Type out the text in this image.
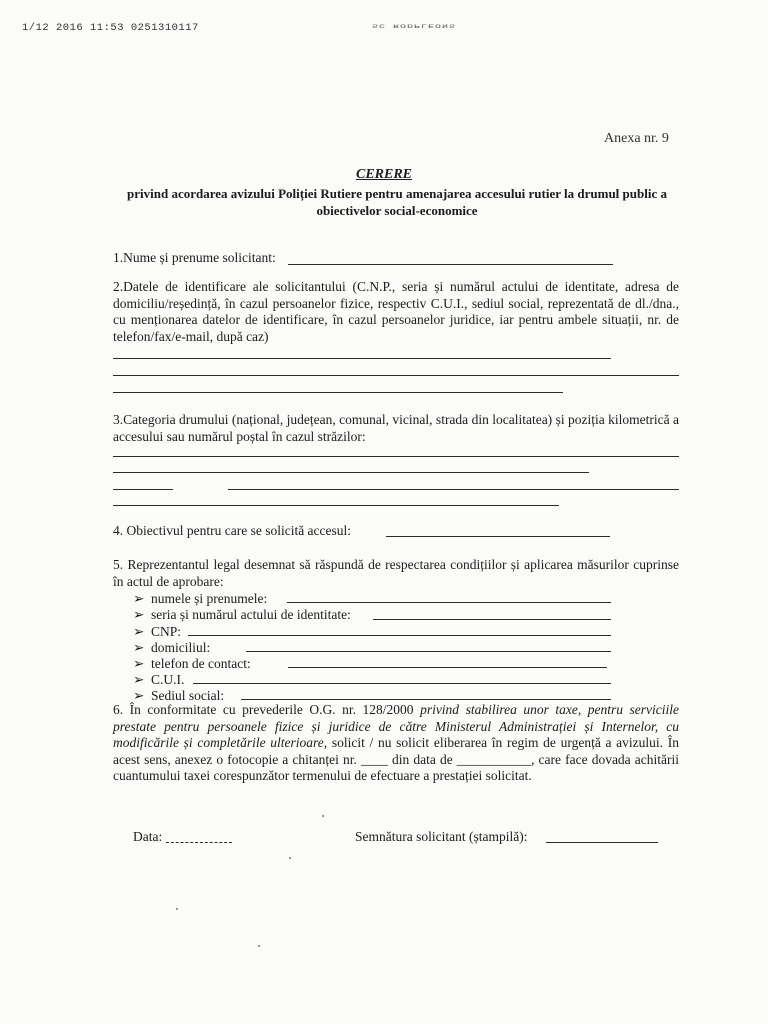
1/12 2016 11:53 0251310117	SC RODPLEONS
Anexa nr. 9
CERERE
privind acordarea avizului Poliției Rutiere pentru amenajarea accesului rutier la drumul public a obiectivelor social-economice
1.Nume și prenume solicitant:
2.Datele de identificare ale solicitantului (C.N.P., seria și numărul actului de identitate, adresa de domiciliu/reședință, în cazul persoanelor fizice, respectiv C.U.I., sediul social, reprezentată de dl./dna., cu menționarea datelor de identificare, în cazul persoanelor juridice, iar pentru ambele situații, nr. de telefon/fax/e-mail, după caz)
3.Categoria drumului (național, județean, comunal, vicinal, strada din localitatea) și poziția kilometrică a accesului sau numărul poștal în cazul străzilor:
4. Obiectivul pentru care se solicită accesul:
5. Reprezentantul legal desemnat să răspundă de respectarea condițiilor și aplicarea măsurilor cuprinse în actul de aprobare:
➢ numele și prenumele:
➢ seria și numărul actului de identitate:
➢ CNP:
➢ domiciliul:
➢ telefon de contact:
➢ C.U.I.
➢ Sediul social:
6. În conformitate cu prevederile O.G. nr. 128/2000 privind stabilirea unor taxe, pentru serviciile prestate pentru persoanele fizice și juridice de către Ministerul Administrației și Internelor, cu modificările și completările ulterioare, solicit / nu solicit eliberarea în regim de urgență a avizului. În acest sens, anexez o fotocopie a chitanței nr. ____ din data de ___________, care face dovada achitării cuantumului taxei corespunzător termenului de efectuare a prestației solicitat.
Data:	Semnătura solicitant (ștampilă):
